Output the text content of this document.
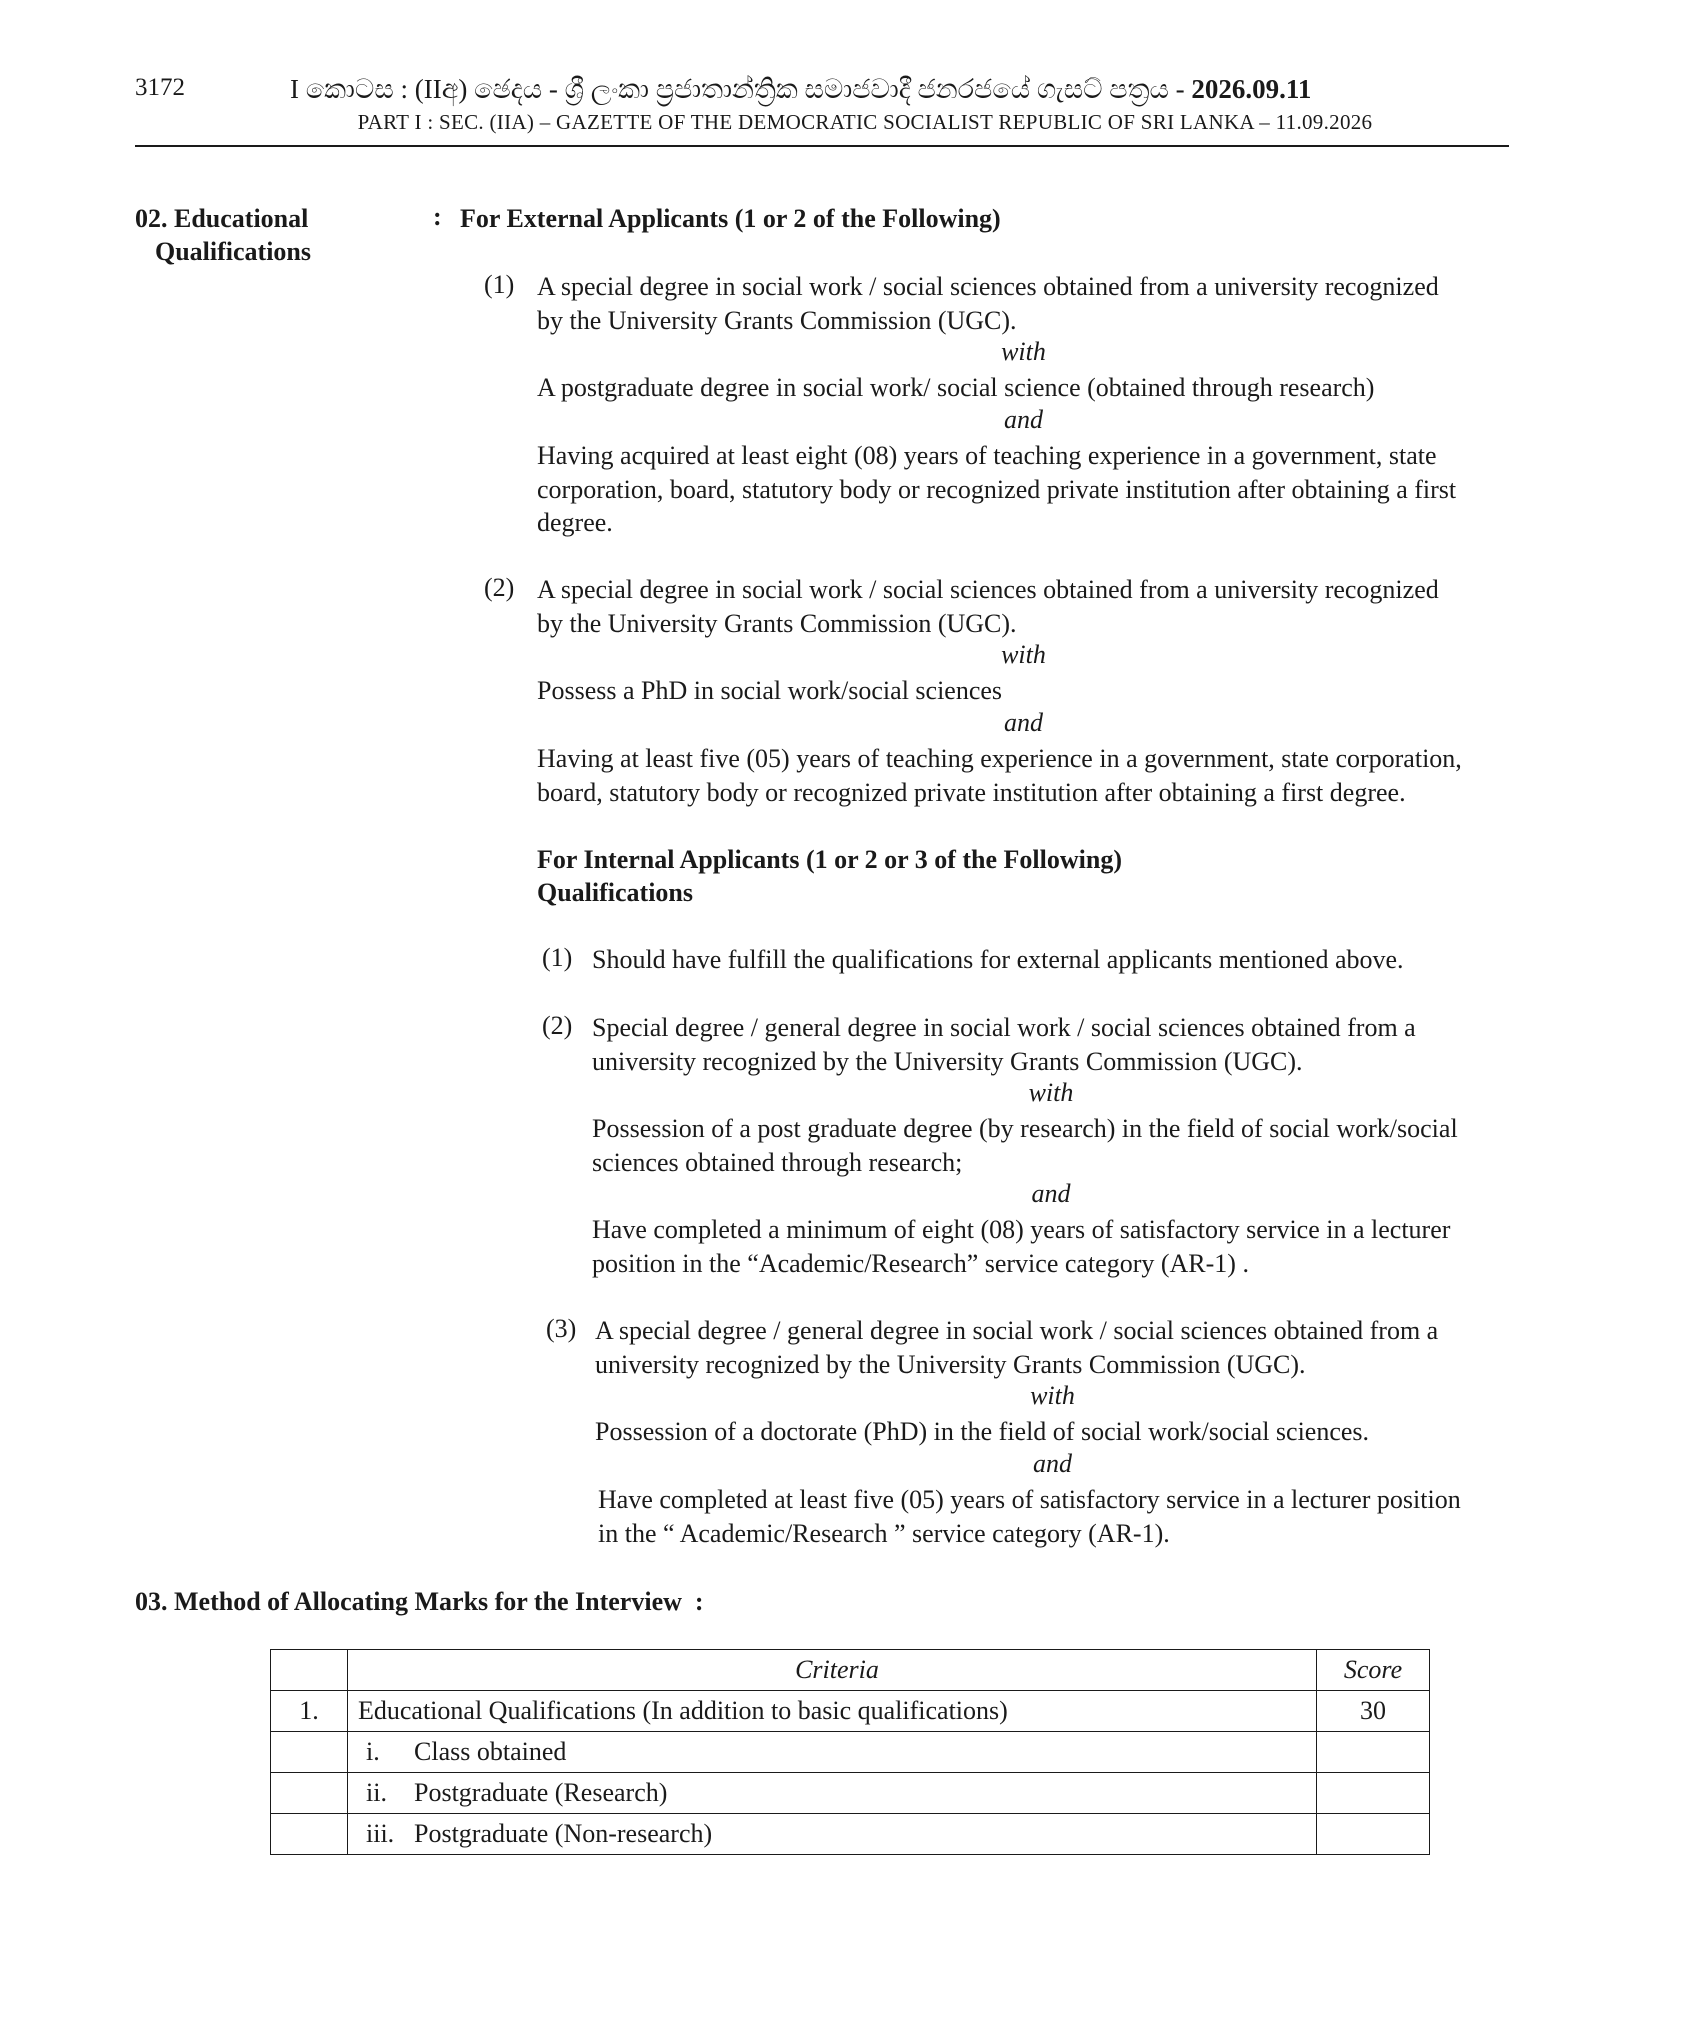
3172	I කොටස : (IIඅ) ඡෙදය - ශ්‍රී ලංකා ප්‍රජාතාන්ත්‍රික සමාජවාදී ජනරජයේ ගැසට් පත්‍රය - 2026.09.11
PART I : SEC. (IIA) – GAZETTE OF THE DEMOCRATIC SOCIALIST REPUBLIC OF SRI LANKA – 11.09.2026
02. Educational
Qualifications
: For External Applicants (1 or 2 of the Following)
(1) A special degree in social work / social sciences obtained from a university recognized
by the University Grants Commission (UGC).
with
A postgraduate degree in social work/ social science (obtained through research)
and
Having acquired at least eight (08) years of teaching experience in a government, state
corporation, board, statutory body or recognized private institution after obtaining a first
degree.
(2) A special degree in social work / social sciences obtained from a university recognized
by the University Grants Commission (UGC).
with
Possess a PhD in social work/social sciences
and
Having at least five (05) years of teaching experience in a government, state corporation,
board, statutory body or recognized private institution after obtaining a first degree.
For Internal Applicants (1 or 2 or 3 of the Following)
Qualifications
(1) Should have fulfill the qualifications for external applicants mentioned above.
(2) Special degree / general degree in social work / social sciences obtained from a
university recognized by the University Grants Commission (UGC).
with
Possession of a post graduate degree (by research) in the field of social work/social
sciences obtained through research;
and
Have completed a minimum of eight (08) years of satisfactory service in a lecturer
position in the “Academic/Research” service category (AR-1) .
(3) A special degree / general degree in social work / social sciences obtained from a
university recognized by the University Grants Commission (UGC).
with
Possession of a doctorate (PhD) in the field of social work/social sciences.
and
Have completed at least five (05) years of satisfactory service in a lecturer position
in the “ Academic/Research ” service category (AR-1).
03. Method of Allocating Marks for the Interview  :
	Criteria	Score
1.	Educational Qualifications (In addition to basic qualifications)	30
	i. Class obtained	
	ii. Postgraduate (Research)	
	iii. Postgraduate (Non-research)	
